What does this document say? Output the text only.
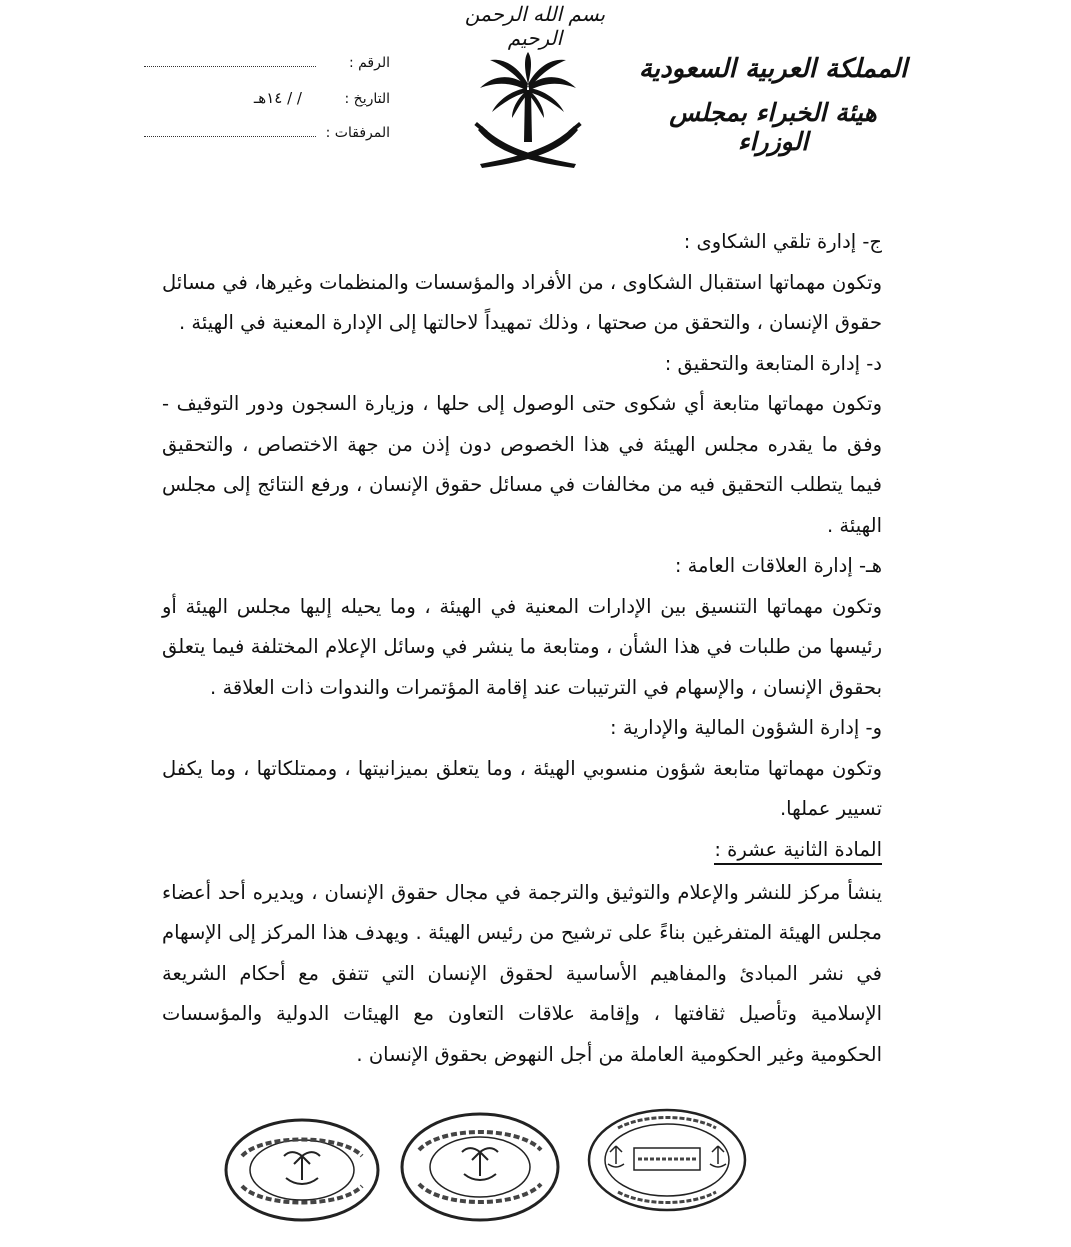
بسم الله الرحمن الرحيم
المملكة العربية السعودية
هيئة الخبراء بمجلس الوزراء
الرقم :
التاريخ :
/ / ١٤هـ
المرفقات :
ج- إدارة تلقي الشكاوى :
وتكون مهماتها استقبال الشكاوى ، من الأفراد والمؤسسات والمنظمات وغيرها، في مسائل حقوق الإنسان ، والتحقق من صحتها ، وذلك تمهيداً لاحالتها إلى الإدارة المعنية في الهيئة .
د- إدارة المتابعة والتحقيق :
وتكون مهماتها متابعة أي شكوى حتى الوصول إلى حلها ، وزيارة السجون ودور التوقيف - وفق ما يقدره مجلس الهيئة في هذا الخصوص دون إذن من جهة الاختصاص ، والتحقيق فيما يتطلب التحقيق فيه من مخالفات في مسائل حقوق الإنسان ، ورفع النتائج إلى مجلس الهيئة .
هـ- إدارة العلاقات العامة :
وتكون مهماتها التنسيق بين الإدارات المعنية في الهيئة ، وما يحيله إليها مجلس الهيئة أو رئيسها من طلبات في هذا الشأن ، ومتابعة ما ينشر في وسائل الإعلام المختلفة فيما يتعلق بحقوق الإنسان ، والإسهام في الترتيبات عند إقامة المؤتمرات والندوات ذات العلاقة .
و- إدارة الشؤون المالية والإدارية :
وتكون مهماتها متابعة شؤون منسوبي الهيئة ، وما يتعلق بميزانيتها ، وممتلكاتها ، وما يكفل تسيير عملها.
المادة الثانية عشرة :
ينشأ مركز للنشر والإعلام والتوثيق والترجمة في مجال حقوق الإنسان ، ويديره أحد أعضاء مجلس الهيئة المتفرغين بناءً على ترشيح من رئيس الهيئة . ويهدف هذا المركز إلى الإسهام في نشر المبادئ والمفاهيم الأساسية لحقوق الإنسان التي تتفق مع أحكام الشريعة الإسلامية وتأصيل ثقافتها ، وإقامة علاقات التعاون مع الهيئات الدولية والمؤسسات الحكومية وغير الحكومية العاملة من أجل النهوض بحقوق الإنسان .
